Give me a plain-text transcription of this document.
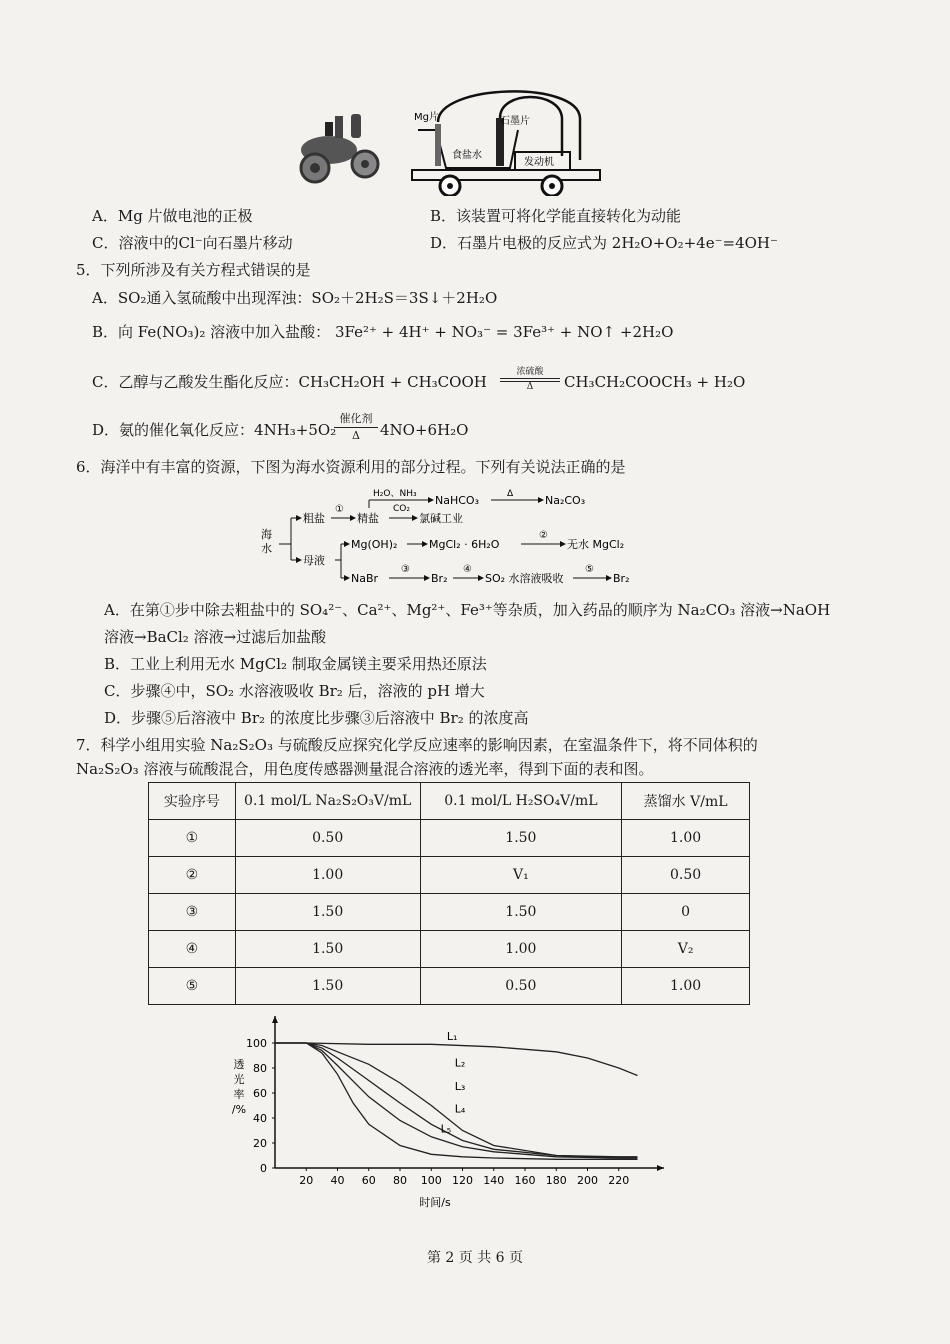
Mg片	石墨片
食盐水
发动机
A．Mg 片做电池的正极	B．该装置可将化学能直接转化为动能
C．溶液中的Cl⁻向石墨片移动	D．石墨片电极的反应式为 2H₂O+O₂+4e⁻=4OH⁻
5．下列所涉及有关方程式错误的是
A．SO₂通入氢硫酸中出现浑浊：SO₂＋2H₂S＝3S↓＋2H₂O
B．向 Fe(NO₃)₂ 溶液中加入盐酸： 3Fe²⁺ + 4H⁺ + NO₃⁻ = 3Fe³⁺ + NO↑ +2H₂O
C．乙醇与乙酸发生酯化反应：CH₃CH₂OH + CH₃COOH
浓硫酸
Δ	CH₃CH₂COOCH₃ + H₂O
D．氨的催化氧化反应：4NH₃+5O₂
催化剂
Δ	4NO+6H₂O
6．海洋中有丰富的资源，下图为海水资源利用的部分过程。下列有关说法正确的是
海
水
粗盐
①
精盐
H₂O、NH₃
CO₂
NaHCO₃	Δ	Na₂CO₃
氯碱工业
母液
Mg(OH)₂	MgCl₂ · 6H₂O
②
无水 MgCl₂
NaBr
③
Br₂
④
SO₂ 水溶液吸收
⑤
Br₂
A．在第①步中除去粗盐中的 SO₄²⁻、Ca²⁺、Mg²⁺、Fe³⁺等杂质，加入药品的顺序为 Na₂CO₃ 溶液→NaOH
溶液→BaCl₂ 溶液→过滤后加盐酸
B．工业上利用无水 MgCl₂ 制取金属镁主要采用热还原法
C．步骤④中，SO₂ 水溶液吸收 Br₂ 后，溶液的 pH 增大
D．步骤⑤后溶液中 Br₂ 的浓度比步骤③后溶液中 Br₂ 的浓度高
7．科学小组用实验 Na₂S₂O₃ 与硫酸反应探究化学反应速率的影响因素，在室温条件下，将不同体积的
Na₂S₂O₃ 溶液与硫酸混合，用色度传感器测量混合溶液的透光率，得到下面的表和图。
实验序号	0.1 mol/L Na₂S₂O₃V/mL	0.1 mol/L H₂SO₄V/mL	蒸馏水 V/mL
①	0.50	1.50	1.00
②	1.00	V₁	0.50
③	1.50	1.50	0
④	1.50	1.00	V₂
⑤	1.50	0.50	1.00
0
20
40
60
80
100
20 40 60 80 100 120 140 160 180 200 220
时间/s
透
光
率
/%
L₁
L₂
L₃
L₄
L₅
第 2 页 共 6 页
